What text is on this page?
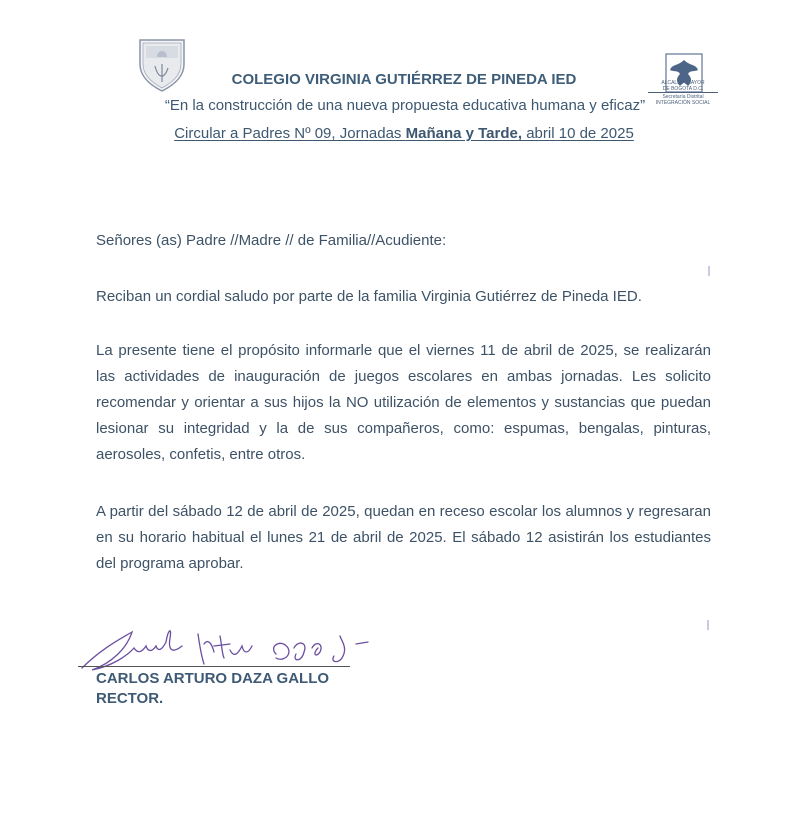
ALCALDIA MAYOR
DE BOGOTA D.C.
Secretaría Distrital
INTEGRACIÓN SOCIAL
COLEGIO VIRGINIA GUTIÉRREZ DE PINEDA IED
“En la construcción de una nueva propuesta educativa humana y eficaz”
Circular a Padres Nº 09, Jornadas Mañana y Tarde, abril 10 de 2025
Señores (as) Padre //Madre // de Familia//Acudiente:
Reciban un cordial saludo por parte de la familia Virginia Gutiérrez de Pineda IED.
La presente tiene el propósito informarle que el viernes 11 de abril de 2025, se realizarán las actividades de inauguración de juegos escolares en ambas jornadas. Les solicito recomendar y orientar a sus hijos la NO utilización de elementos y sustancias que puedan lesionar su integridad y la de sus compañeros, como: espumas, bengalas, pinturas, aerosoles, confetis, entre otros.
A partir del sábado 12 de abril de 2025, quedan en receso escolar los alumnos y regresaran en su horario habitual el lunes 21 de abril de 2025. El sábado 12 asistirán los estudiantes del programa aprobar.
CARLOS ARTURO DAZA GALLO
RECTOR.
